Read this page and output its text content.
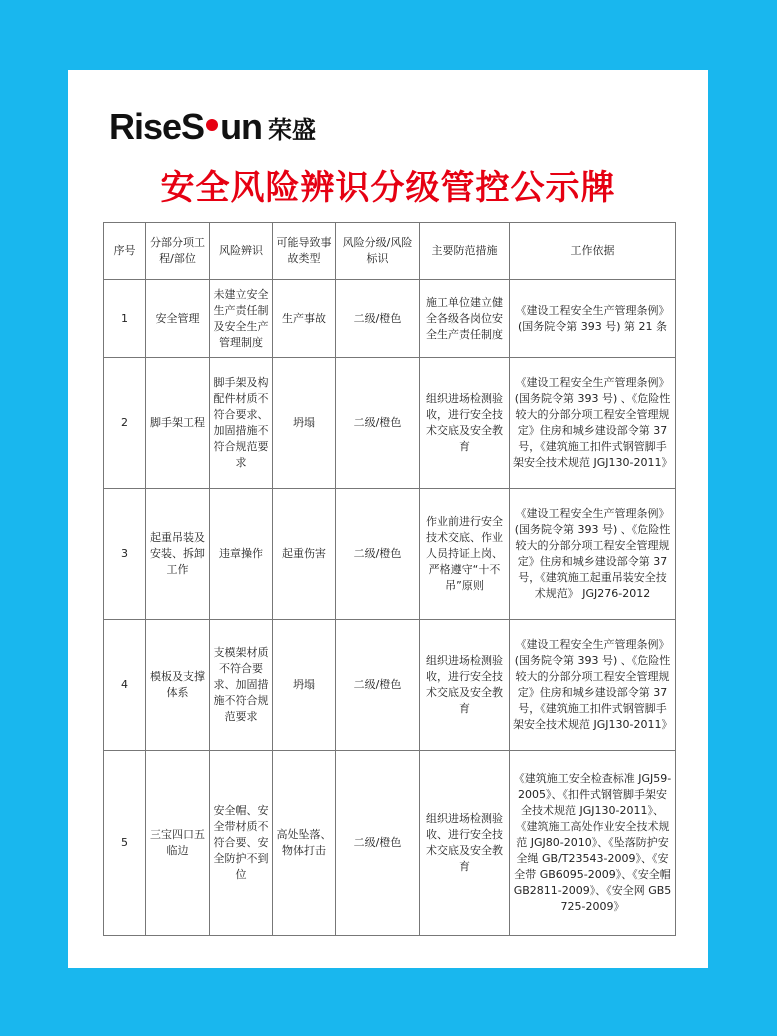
Rise S un 荣盛
安全风险辨识分级管控公示牌
序号	分部分项工程/部位	风险辨识	可能导致事故类型	风险分级/风险标识	主要防范措施	工作依据
1	安全管理	未建立安全生产责任制及安全生产管理制度	生产事故	二级/橙色	施工单位建立健全各级各岗位安全生产责任制度	《建设工程安全生产管理条例》(国务院令第 393 号) 第 21 条
2	脚手架工程	脚手架及构配件材质不符合要求、加固措施不符合规范要求	坍塌	二级/橙色	组织进场检测验收，进行安全技术交底及安全教育	《建设工程安全生产管理条例》(国务院令第 393 号) 、《危险性较大的分部分项工程安全管理规定》住房和城乡建设部令第 37 号，《建筑施工扣件式钢管脚手架安全技术规范 JGJ130-2011》
3	起重吊装及安装、拆卸工作	违章操作	起重伤害	二级/橙色	作业前进行安全技术交底、作业人员持证上岗、严格遵守“十不吊”原则	《建设工程安全生产管理条例》(国务院令第 393 号) 、《危险性较大的分部分项工程安全管理规定》住房和城乡建设部令第 37 号，《建筑施工起重吊装安全技术规范》 JGJ276-2012
4	模板及支撑体系	支模架材质不符合要求、加固措施不符合规范要求	坍塌	二级/橙色	组织进场检测验收，进行安全技术交底及安全教育	《建设工程安全生产管理条例》(国务院令第 393 号) 、《危险性较大的分部分项工程安全管理规定》住房和城乡建设部令第 37 号，《建筑施工扣件式钢管脚手架安全技术规范 JGJ130-2011》
5	三宝四口五临边	安全帽、安全带材质不符合要、安全防护不到位	高处坠落、物体打击	二级/橙色	组织进场检测验收、进行安全技术交底及安全教育	《建筑施工安全检查标准 JGJ59-2005》、《扣件式钢管脚手架安全技术规范 JGJ130-2011》、《建筑施工高处作业安全技术规范 JGJ80-2010》、《坠落防护安全绳 GB/T23543-2009》、《安全带 GB6095-2009》、《安全帽 GB2811-2009》、《安全网 GB5725-2009》
